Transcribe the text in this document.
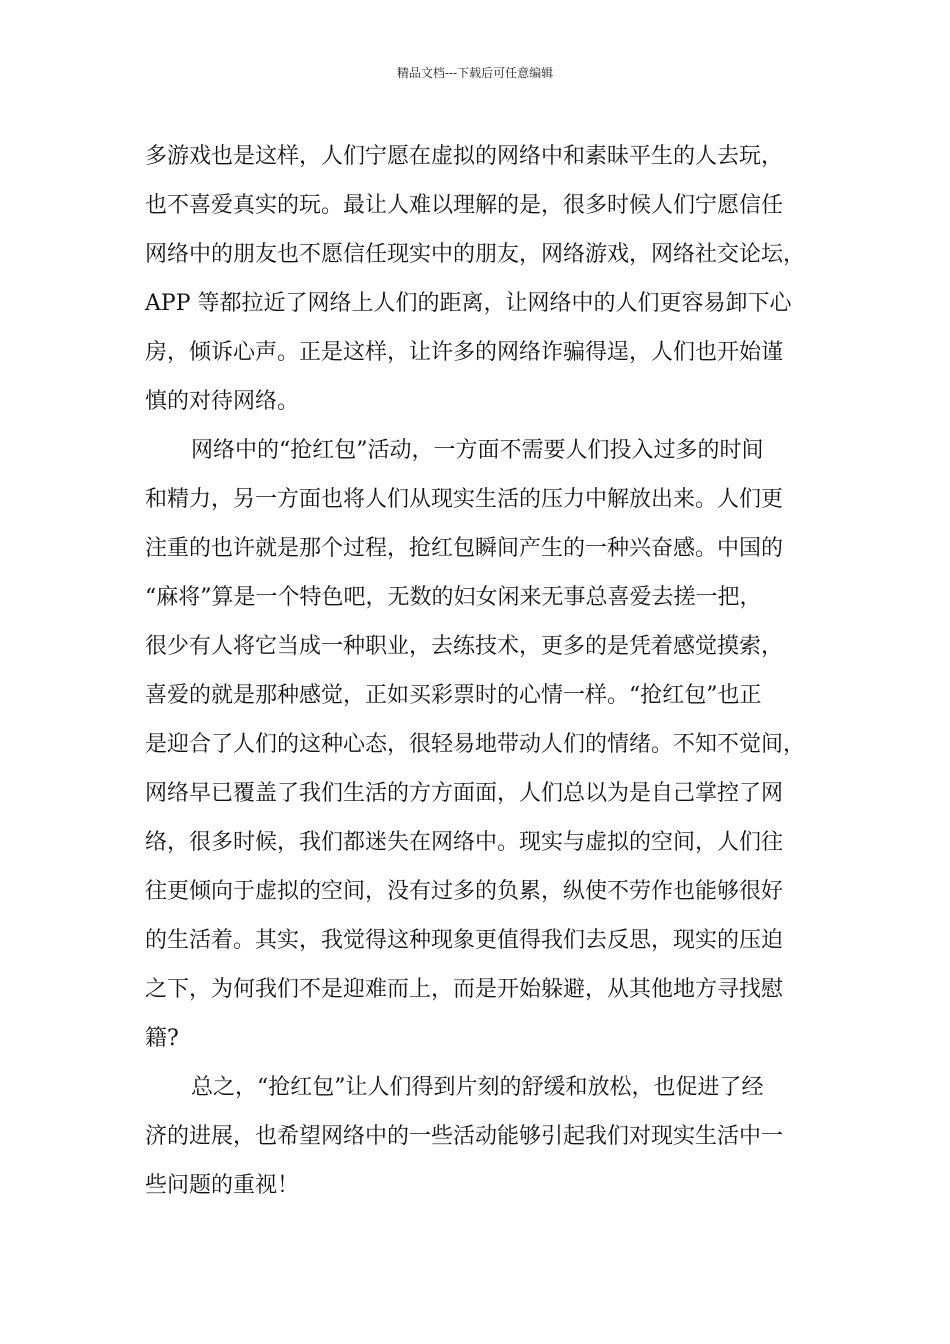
精品文档---下载后可任意编辑
多游戏也是这样，人们宁愿在虚拟的网络中和素昧平生的人去玩，
也不喜爱真实的玩。最让人难以理解的是，很多时候人们宁愿信任
网络中的朋友也不愿信任现实中的朋友，网络游戏，网络社交论坛，
APP 等都拉近了网络上人们的距离，让网络中的人们更容易卸下心
房，倾诉心声。正是这样，让许多的网络诈骗得逞，人们也开始谨
慎的对待网络。
网络中的“抢红包”活动，一方面不需要人们投入过多的时间
和精力，另一方面也将人们从现实生活的压力中解放出来。人们更
注重的也许就是那个过程，抢红包瞬间产生的一种兴奋感。中国的
“麻将”算是一个特色吧，无数的妇女闲来无事总喜爱去搓一把，
很少有人将它当成一种职业，去练技术，更多的是凭着感觉摸索，
喜爱的就是那种感觉，正如买彩票时的心情一样。“抢红包”也正
是迎合了人们的这种心态，很轻易地带动人们的情绪。不知不觉间，
网络早已覆盖了我们生活的方方面面，人们总以为是自己掌控了网
络，很多时候，我们都迷失在网络中。现实与虚拟的空间，人们往
往更倾向于虚拟的空间，没有过多的负累，纵使不劳作也能够很好
的生活着。其实，我觉得这种现象更值得我们去反思，现实的压迫
之下，为何我们不是迎难而上，而是开始躲避，从其他地方寻找慰
籍?
总之，“抢红包”让人们得到片刻的舒缓和放松，也促进了经
济的进展，也希望网络中的一些活动能够引起我们对现实生活中一
些问题的重视！
